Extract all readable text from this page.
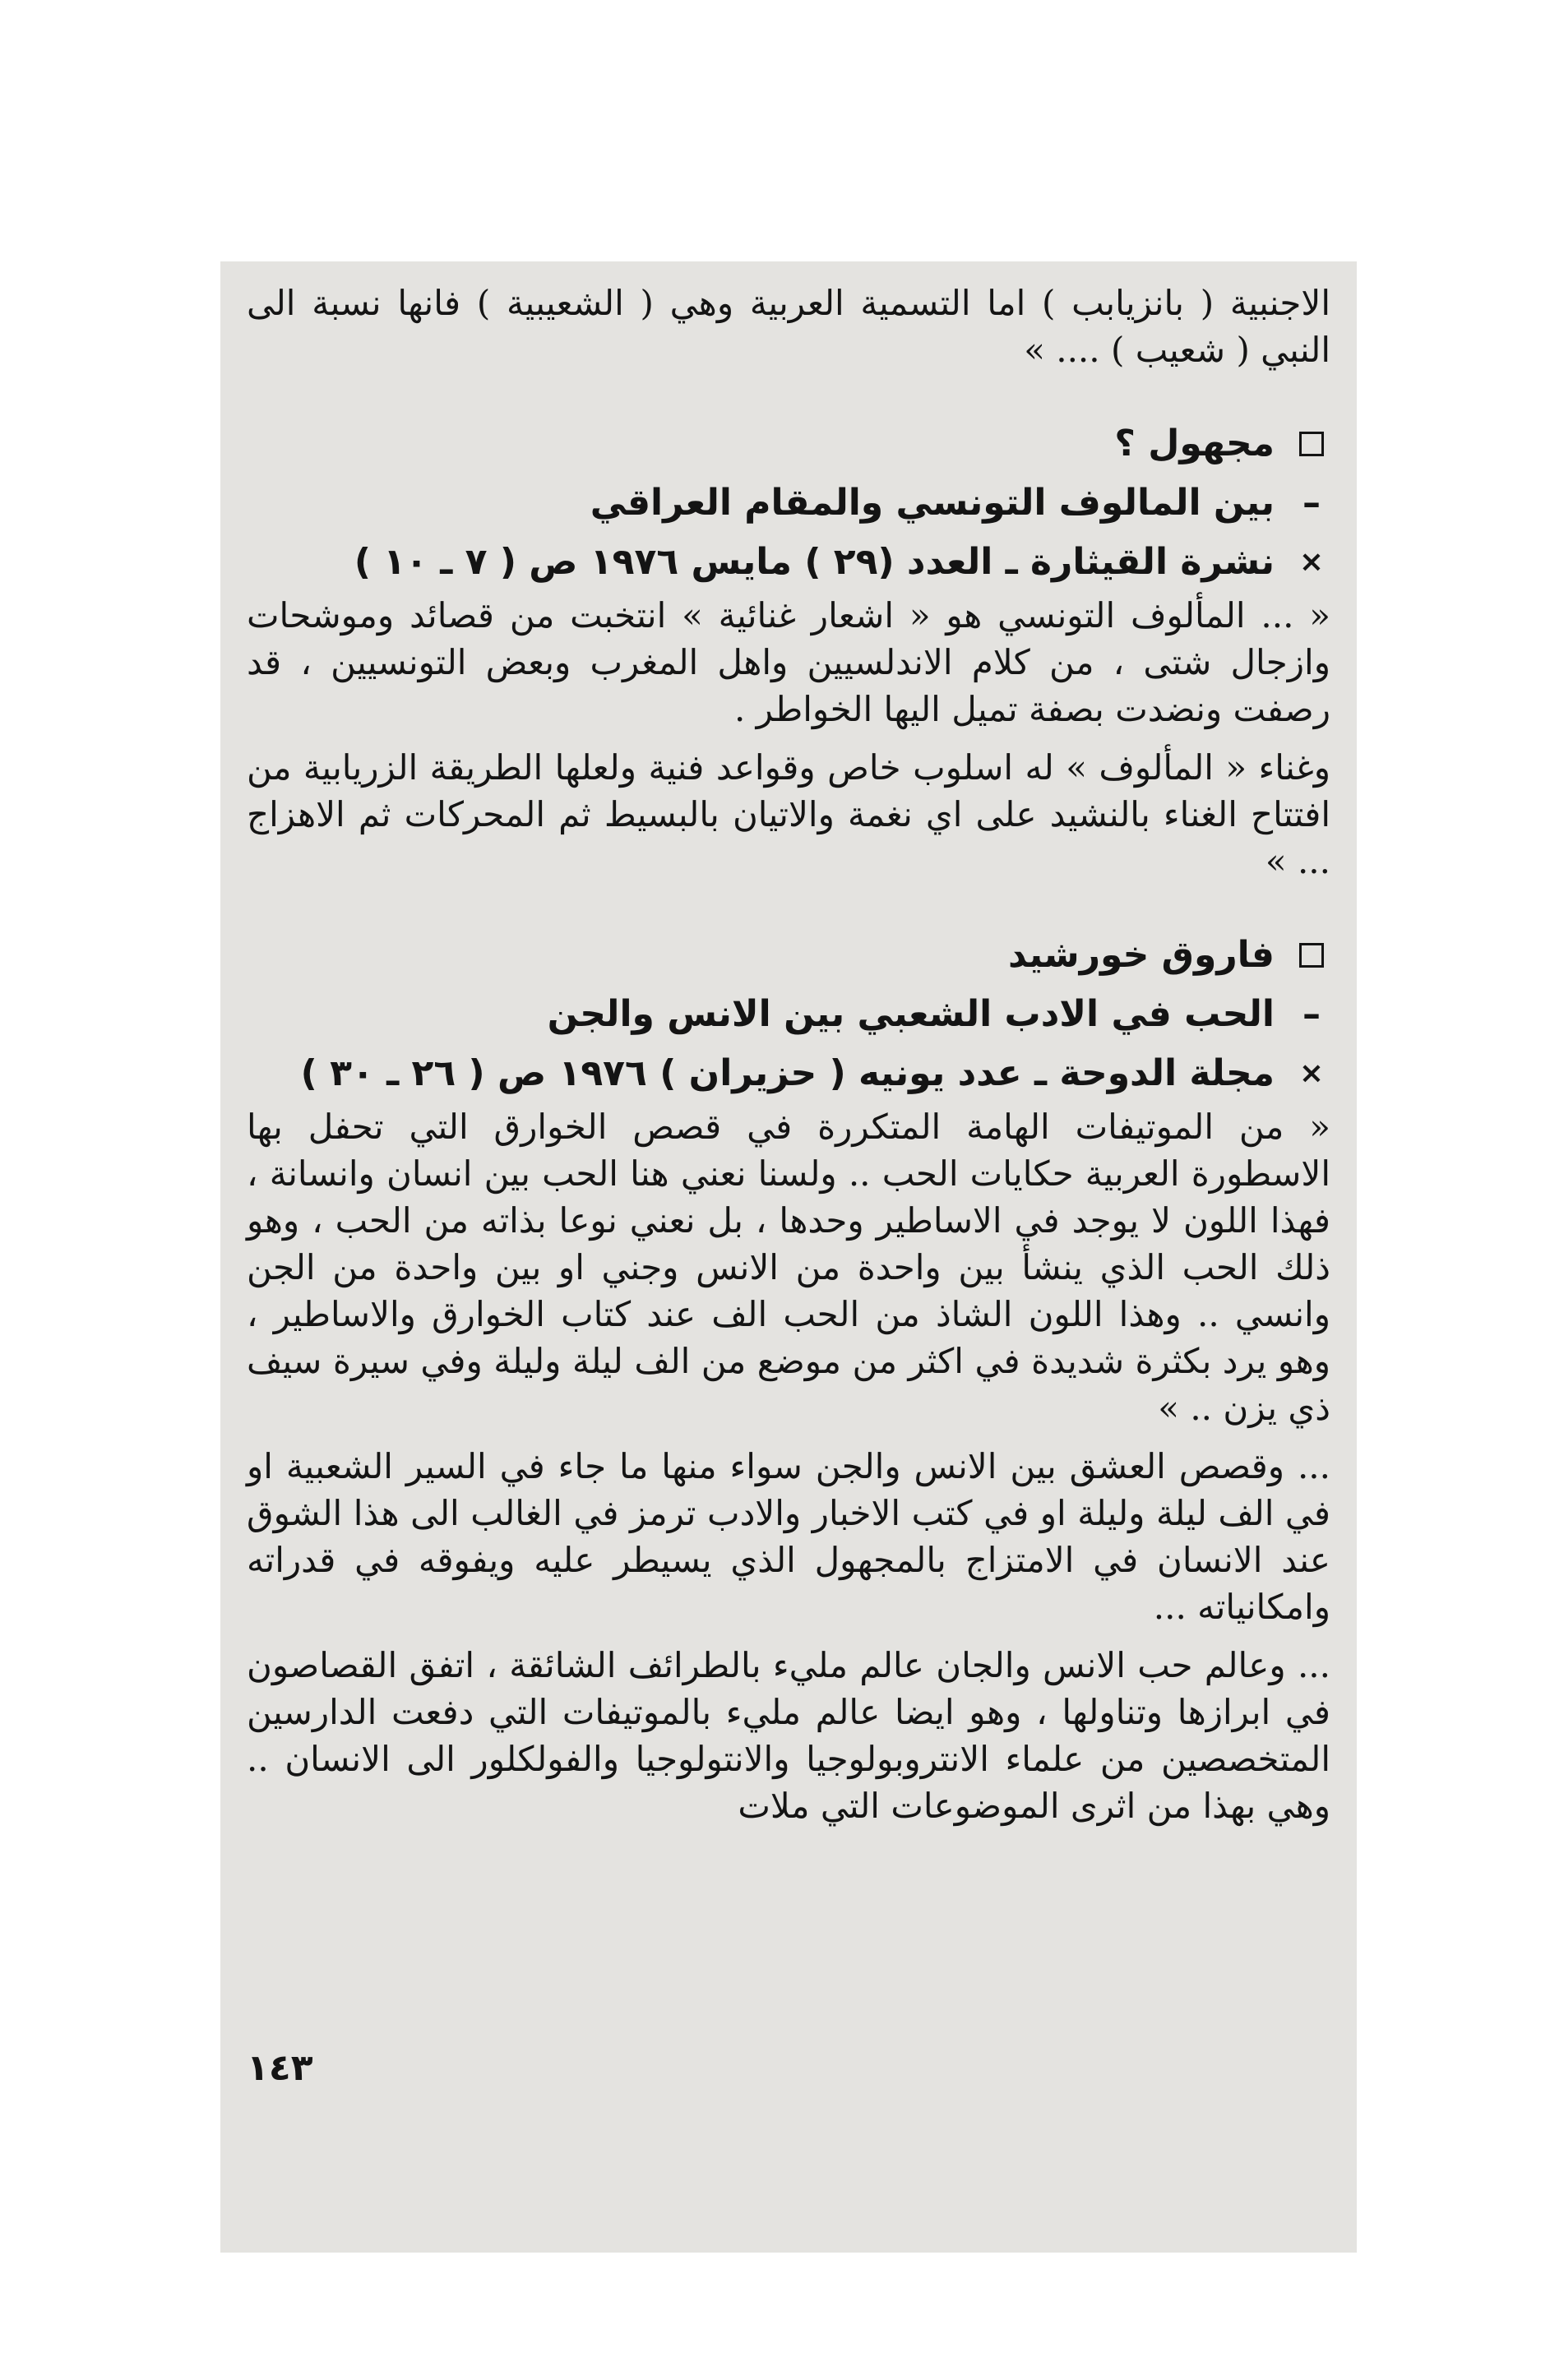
الاجنبية ( بانزيابب ) اما التسمية العربية وهي ( الشعيبية ) فانها نسبة الى النبي ( شعيب ) .... »

مجهول ؟
–
بين المالوف التونسي والمقام العراقي
×
نشرة القيثارة ـ العدد (٢٩ ) مايس ١٩٧٦ ص ( ٧ ـ ١٠ )

« ... المألوف التونسي هو « اشعار غنائية » انتخبت من قصائد وموشحات وازجال شتى ، من كلام الاندلسيين واهل المغرب وبعض التونسيين ، قد رصفت ونضدت بصفة تميل اليها الخواطر .

وغناء « المألوف » له اسلوب خاص وقواعد فنية ولعلها الطريقة الزريابية من افتتاح الغناء بالنشيد على اي نغمة والاتيان بالبسيط ثم المحركات ثم الاهزاج ... »

فاروق خورشيد
–
الحب في الادب الشعبي بين الانس والجن
×
مجلة الدوحة ـ عدد يونيه ( حزيران ) ١٩٧٦ ص ( ٢٦ ـ ٣٠ )

« من الموتيفات الهامة المتكررة في قصص الخوارق التي تحفل بها الاسطورة العربية حكايات الحب .. ولسنا نعني هنا الحب بين انسان وانسانة ، فهذا اللون لا يوجد في الاساطير وحدها ، بل نعني نوعا بذاته من الحب ، وهو ذلك الحب الذي ينشأ بين واحدة من الانس وجني او بين واحدة من الجن وانسي .. وهذا اللون الشاذ من الحب الف عند كتاب الخوارق والاساطير ، وهو يرد بكثرة شديدة في اكثر من موضع من الف ليلة وليلة وفي سيرة سيف ذي يزن .. »

... وقصص العشق بين الانس والجن سواء منها ما جاء في السير الشعبية او في الف ليلة وليلة او في كتب الاخبار والادب ترمز في الغالب الى هذا الشوق عند الانسان في الامتزاج بالمجهول الذي يسيطر عليه ويفوقه في قدراته وامكانياته ...

... وعالم حب الانس والجان عالم مليء بالطرائف الشائقة ، اتفق القصاصون في ابرازها وتناولها ، وهو ايضا عالم مليء بالموتيفات التي دفعت الدارسين المتخصصين من علماء الانتروبولوجيا والانتولوجيا والفولكلور الى الانسان .. وهي بهذا من اثرى الموضوعات التي ملات

١٤٣
